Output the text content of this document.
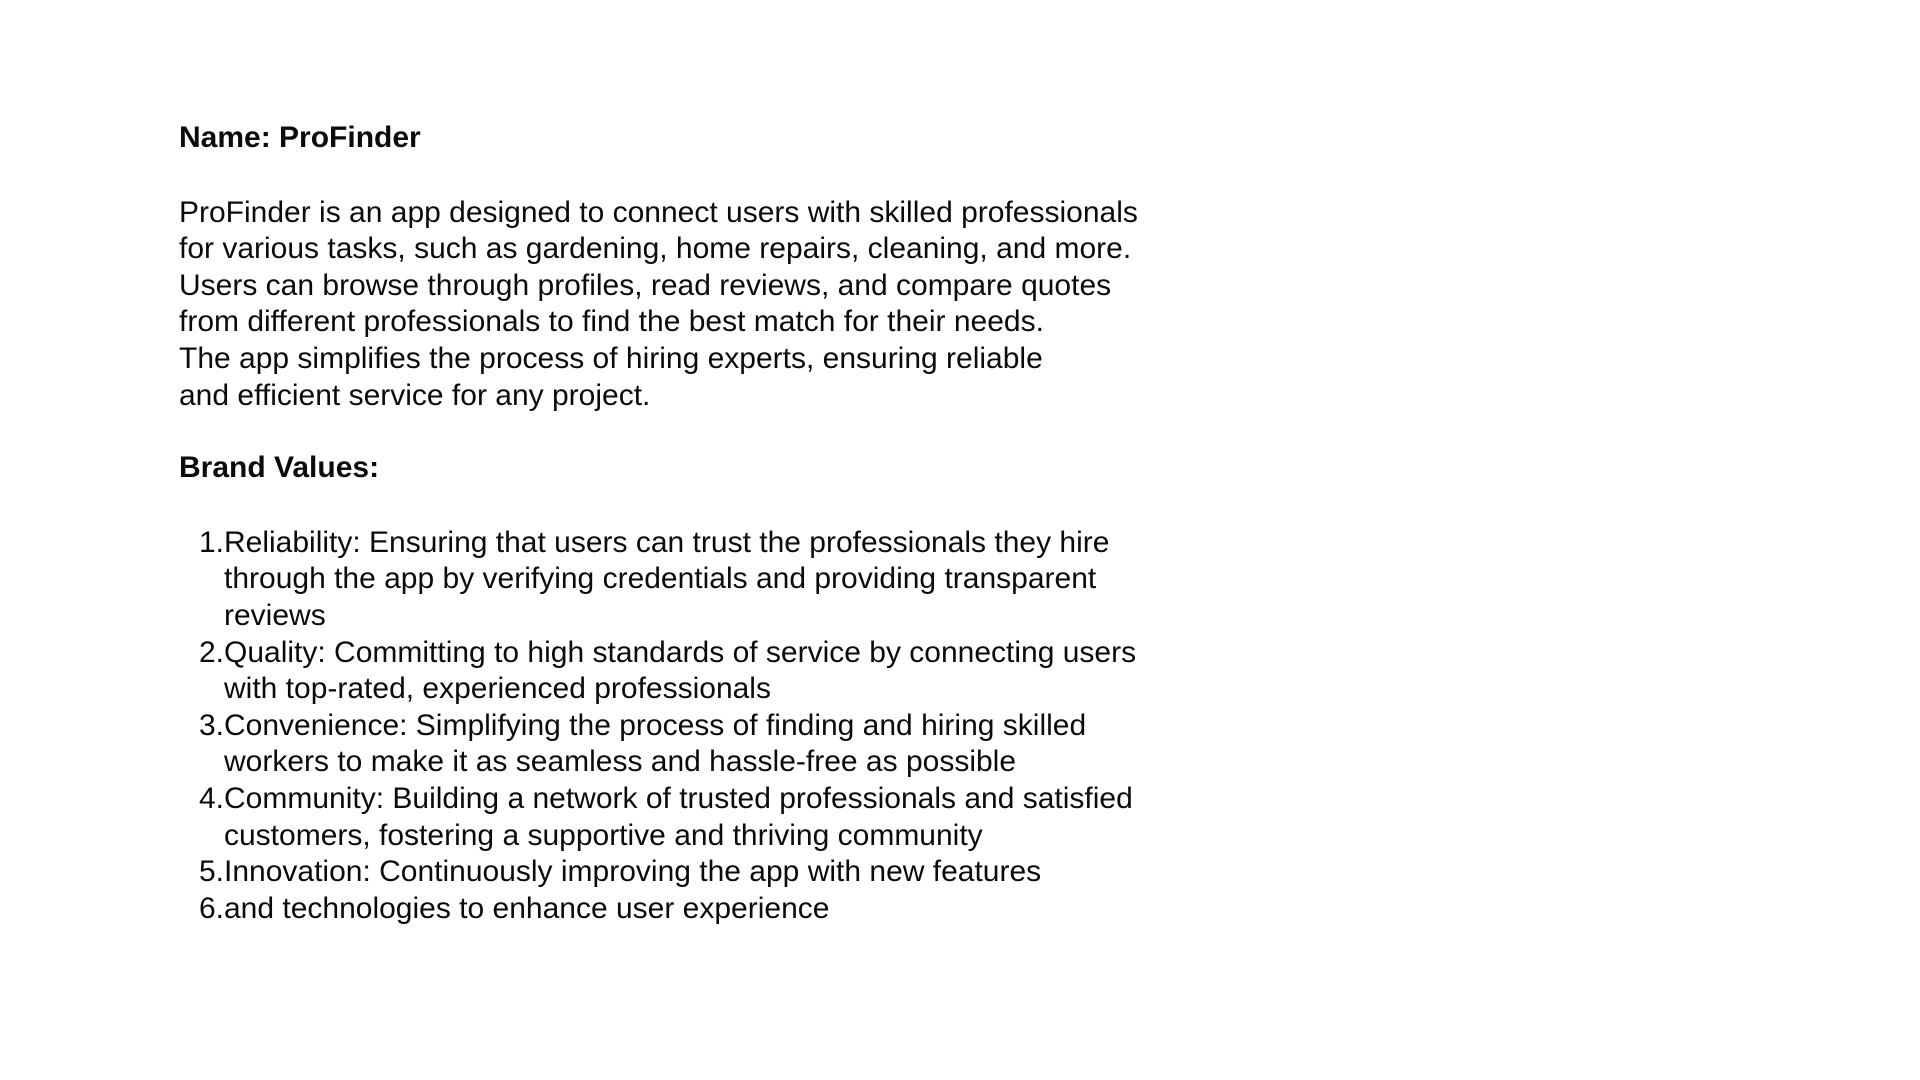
Name: ProFinder

ProFinder is an app designed to connect users with skilled professionals
for various tasks, such as gardening, home repairs, cleaning, and more.
Users can browse through profiles, read reviews, and compare quotes
from different professionals to find the best match for their needs.
The app simplifies the process of hiring experts, ensuring reliable
and efficient service for any project.

Brand Values:
1. Reliability: Ensuring that users can trust the professionals they hire
through the app by verifying credentials and providing transparent
reviews
2. Quality: Committing to high standards of service by connecting users
with top-rated, experienced professionals
3. Convenience: Simplifying the process of finding and hiring skilled
workers to make it as seamless and hassle-free as possible
4. Community: Building a network of trusted professionals and satisfied
customers, fostering a supportive and thriving community
5. Innovation: Continuously improving the app with new features
6. and technologies to enhance user experience
